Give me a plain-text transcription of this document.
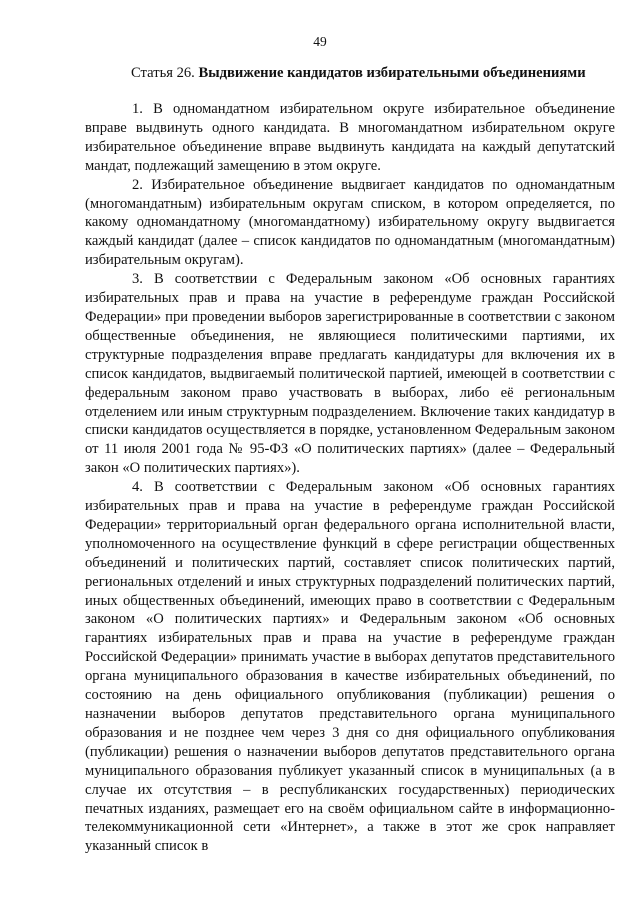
49
Статья 26. Выдвижение кандидатов избирательными объединениями

1. В одномандатном избирательном округе избирательное объединение вправе выдвинуть одного кандидата. В многомандатном избирательном округе избирательное объединение вправе выдвинуть кандидата на каждый депутатский мандат, подлежащий замещению в этом округе.

2. Избирательное объединение выдвигает кандидатов по одномандатным (многомандатным) избирательным округам списком, в котором определяется, по какому одномандатному (многомандатному) избирательному округу выдвигается каждый кандидат (далее – список кандидатов по одномандатным (многомандатным) избирательным округам).

3. В соответствии с Федеральным законом «Об основных гарантиях избирательных прав и права на участие в референдуме граждан Российской Федерации» при проведении выборов зарегистрированные в соответствии с законом общественные объединения, не являющиеся политическими партиями, их структурные подразделения вправе предлагать кандидатуры для включения их в список кандидатов, выдвигаемый политической партией, имеющей в соответствии с федеральным законом право участвовать в выборах, либо её региональным отделением или иным структурным подразделением. Включение таких кандидатур в списки кандидатов осуществляется в порядке, установленном Федеральным законом от 11 июля 2001 года № 95-ФЗ «О политических партиях» (далее – Федеральный закон «О политических партиях»).

4. В соответствии с Федеральным законом «Об основных гарантиях избирательных прав и права на участие в референдуме граждан Российской Федерации» территориальный орган федерального органа исполнительной власти, уполномоченного на осуществление функций в сфере регистрации общественных объединений и политических партий, составляет список политических партий, региональных отделений и иных структурных подразделений политических партий, иных общественных объединений, имеющих право в соответствии с Федеральным законом «О политических партиях» и Федеральным законом «Об основных гарантиях избирательных прав и права на участие в референдуме граждан Российской Федерации» принимать участие в выборах депутатов представительного органа муниципального образования в качестве избирательных объединений, по состоянию на день официального опубликования (публикации) решения о назначении выборов депутатов представительного органа муниципального образования и не позднее чем через 3 дня со дня официального опубликования (публикации) решения о назначении выборов депутатов представительного органа муниципального образования публикует указанный список в муниципальных (а в случае их отсутствия – в республиканских государственных) периодических печатных изданиях, размещает его на своём официальном сайте в информационно-телекоммуникационной сети «Интернет», а также в этот же срок направляет указанный список в
